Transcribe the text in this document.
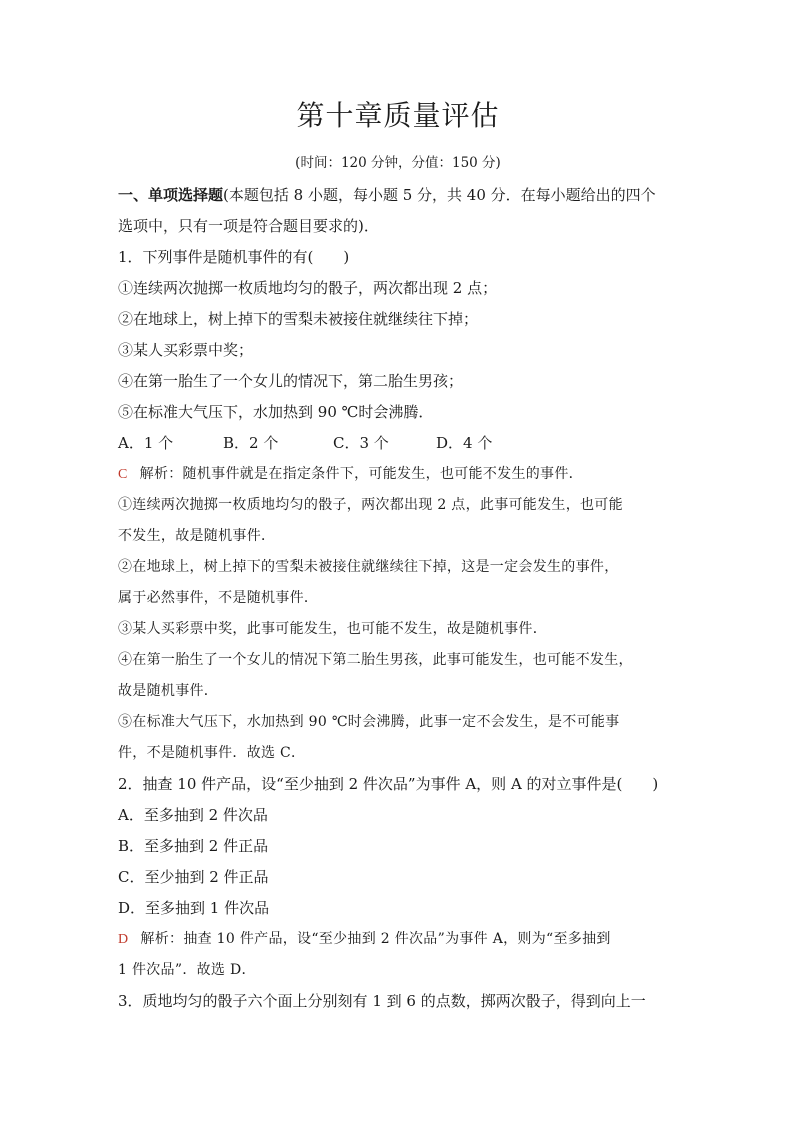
第十章质量评估
(时间：120 分钟，分值：150 分)
一、单项选择题(本题包括 8 小题，每小题 5 分，共 40 分．在每小题给出的四个
选项中，只有一项是符合题目要求的)．
1．下列事件是随机事件的有(　　)
①连续两次抛掷一枚质地均匀的骰子，两次都出现 2 点；
②在地球上，树上掉下的雪梨未被接住就继续往下掉；
③某人买彩票中奖；
④在第一胎生了一个女儿的情况下，第二胎生男孩；
⑤在标准大气压下，水加热到 90 ℃时会沸腾．
A．1 个	B．2 个	C．3 个	D．4 个
C 解析：随机事件就是在指定条件下，可能发生，也可能不发生的事件．
①连续两次抛掷一枚质地均匀的骰子，两次都出现 2 点，此事可能发生，也可能
不发生，故是随机事件．
②在地球上，树上掉下的雪梨未被接住就继续往下掉，这是一定会发生的事件，
属于必然事件，不是随机事件．
③某人买彩票中奖，此事可能发生，也可能不发生，故是随机事件．
④在第一胎生了一个女儿的情况下第二胎生男孩，此事可能发生，也可能不发生，
故是随机事件．
⑤在标准大气压下，水加热到 90 ℃时会沸腾，此事一定不会发生，是不可能事
件，不是随机事件．故选 C．
2．抽查 10 件产品，设“至少抽到 2 件次品”为事件 A，则 A 的对立事件是(　　)
A．至多抽到 2 件次品
B．至多抽到 2 件正品
C．至少抽到 2 件正品
D．至多抽到 1 件次品
D 解析：抽查 10 件产品，设“至少抽到 2 件次品”为事件 A，则为“至多抽到
1 件次品”．故选 D．
3．质地均匀的骰子六个面上分别刻有 1 到 6 的点数，掷两次骰子，得到向上一
